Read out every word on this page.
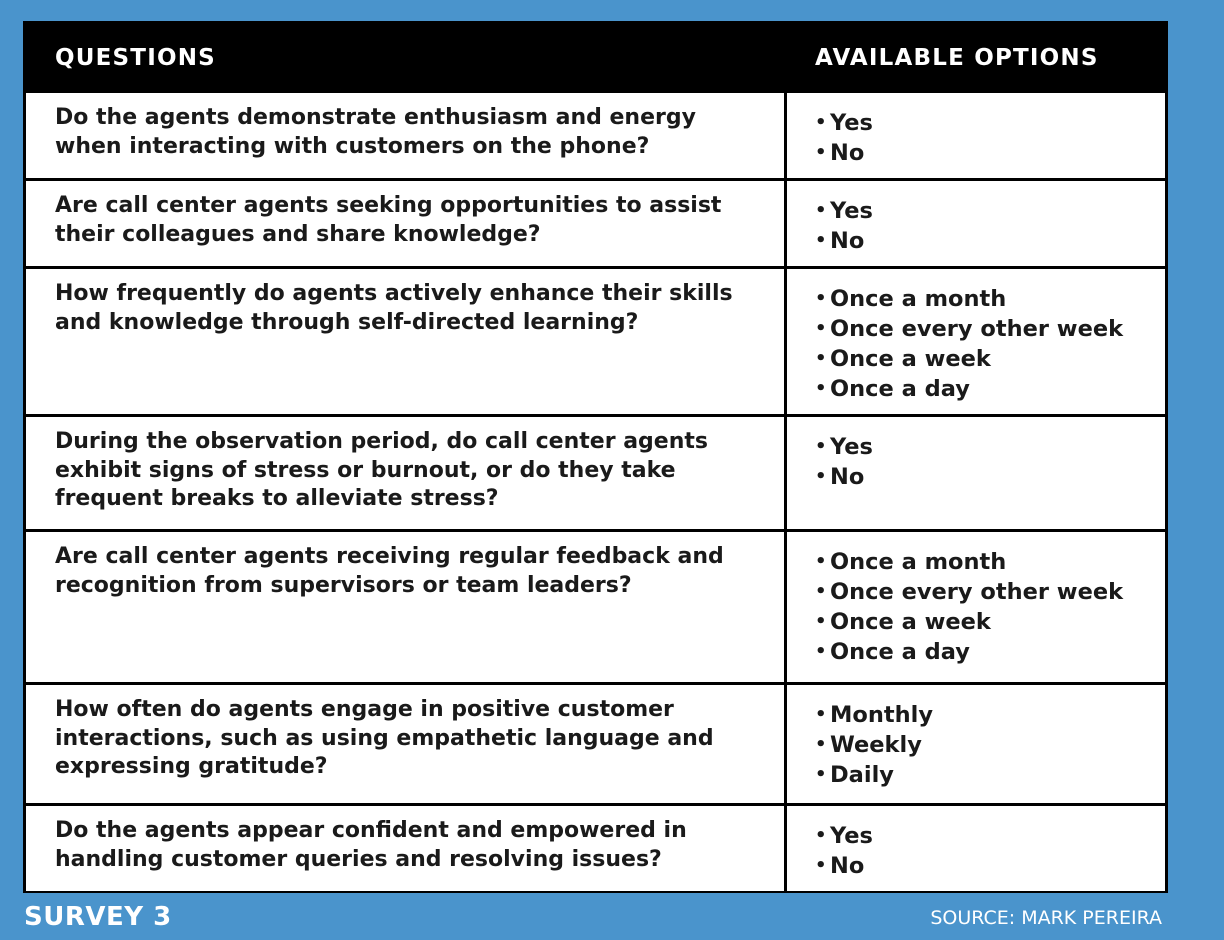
QUESTIONS	AVAILABLE OPTIONS

Do the agents demonstrate enthusiasm and energy
when interacting with customers on the phone?

• Yes
• No

Are call center agents seeking opportunities to assist
their colleagues and share knowledge?

• Yes
• No

How frequently do agents actively enhance their skills
and knowledge through self-directed learning?

• Once a month
• Once every other week
• Once a week
• Once a day

During the observation period, do call center agents
exhibit signs of stress or burnout, or do they take
frequent breaks to alleviate stress?

• Yes
• No

Are call center agents receiving regular feedback and
recognition from supervisors or team leaders?

• Once a month
• Once every other week
• Once a week
• Once a day

How often do agents engage in positive customer
interactions, such as using empathetic language and
expressing gratitude?

• Monthly
• Weekly
• Daily

Do the agents appear confident and empowered in
handling customer queries and resolving issues?

• Yes
• No
SURVEY 3	SOURCE: MARK PEREIRA
